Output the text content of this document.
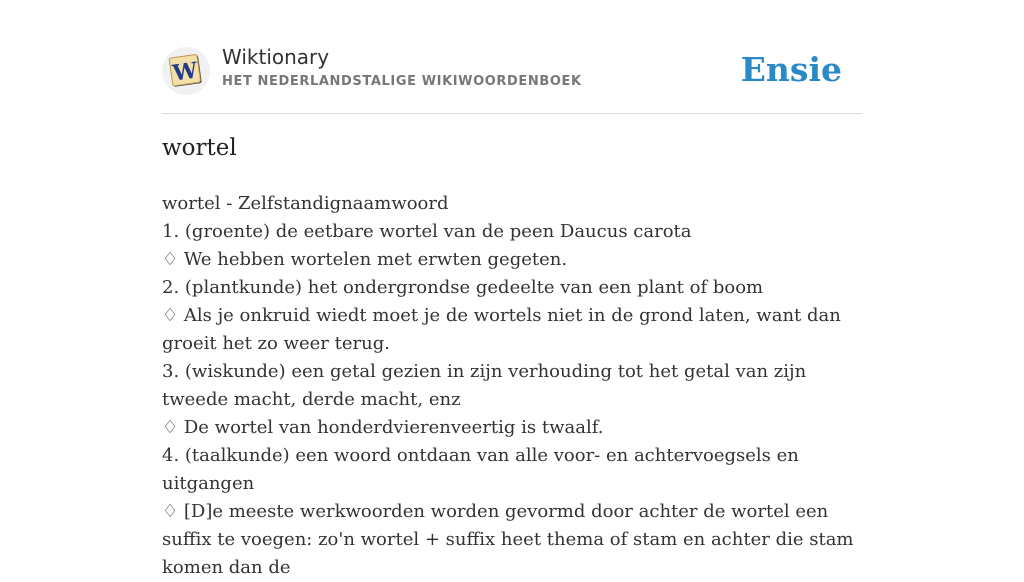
W
Wiktionary
HET NEDERLANDSTALIGE WIKIWOORDENBOEK	Ensie
wortel
wortel - Zelfstandignaamwoord
1. (groente) de eetbare wortel van de peen Daucus carota
♢ We hebben wortelen met erwten gegeten.
2. (plantkunde) het ondergrondse gedeelte van een plant of boom
♢ Als je onkruid wiedt moet je de wortels niet in de grond laten, want dan groeit het zo weer terug.
3. (wiskunde) een getal gezien in zijn verhouding tot het getal van zijn tweede macht, derde macht, enz
♢ De wortel van honderdvierenveertig is twaalf.
4. (taalkunde) een woord ontdaan van alle voor- en achtervoegsels en uitgangen
♢ [D]e meeste werkwoorden worden gevormd door achter de wortel een suffix te voegen: zo'n wortel + suffix heet thema of stam en achter die stam komen dan de
